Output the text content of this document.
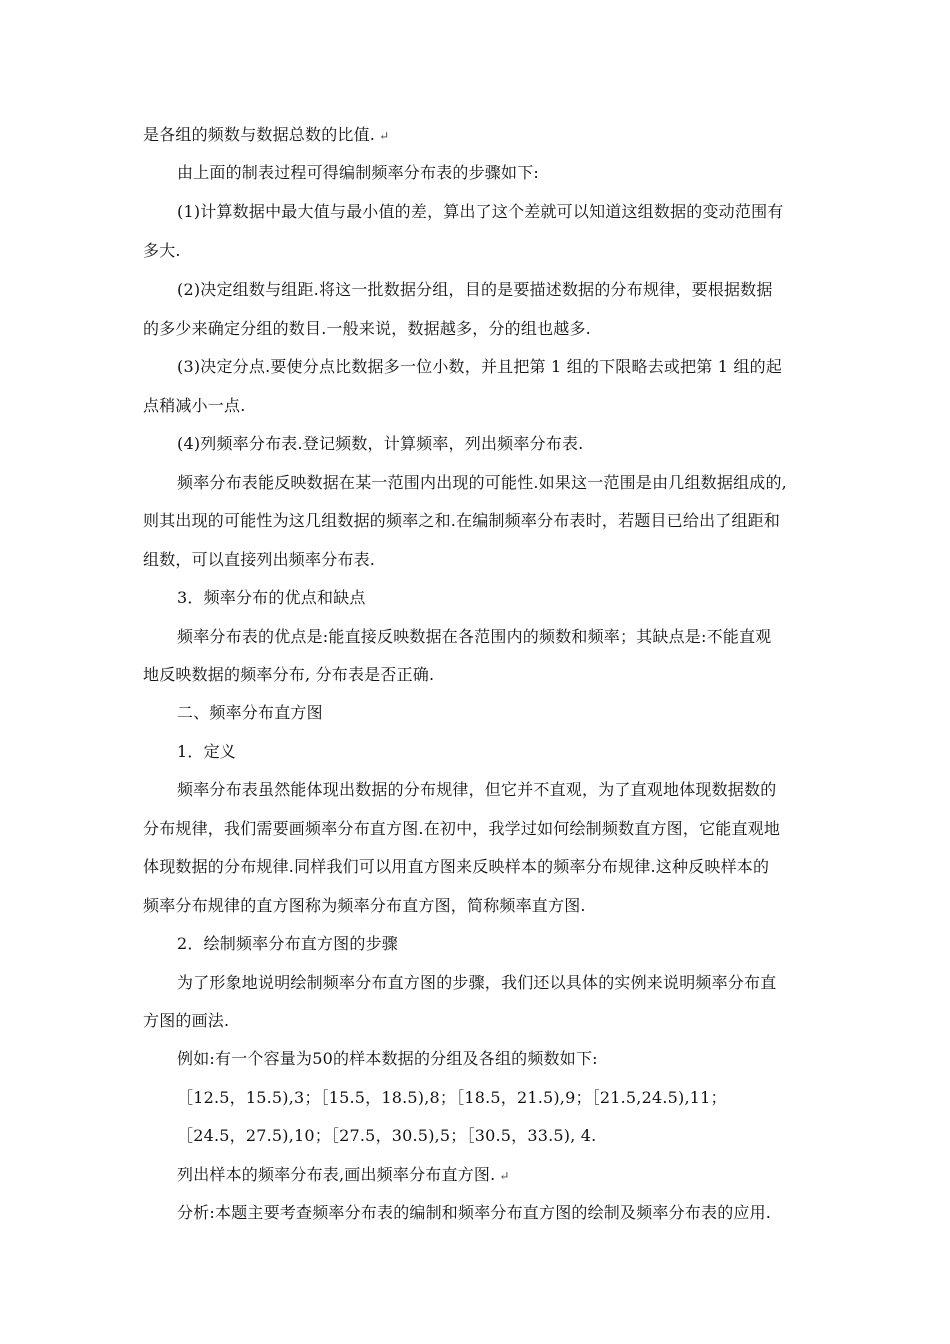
是各组的频数与数据总数的比值. ↵
由上面的制表过程可得编制频率分布表的步骤如下:
(1)计算数据中最大值与最小值的差，算出了这个差就可以知道这组数据的变动范围有
多大.
(2)决定组数与组距.将这一批数据分组，目的是要描述数据的分布规律，要根据数据
的多少来确定分组的数目.一般来说，数据越多，分的组也越多.
(3)决定分点.要使分点比数据多一位小数，并且把第 1 组的下限略去或把第 1 组的起
点稍减小一点.
(4)列频率分布表.登记频数，计算频率，列出频率分布表.
频率分布表能反映数据在某一范围内出现的可能性.如果这一范围是由几组数据组成的,
则其出现的可能性为这几组数据的频率之和.在编制频率分布表时，若题目已给出了组距和
组数，可以直接列出频率分布表.
3．频率分布的优点和缺点
频率分布表的优点是:能直接反映数据在各范围内的频数和频率；其缺点是:不能直观
地反映数据的频率分布, 分布表是否正确.
二、频率分布直方图
1．定义
频率分布表虽然能体现出数据的分布规律，但它并不直观，为了直观地体现数据数的
分布规律，我们需要画频率分布直方图.在初中，我学过如何绘制频数直方图，它能直观地
体现数据的分布规律.同样我们可以用直方图来反映样本的频率分布规律.这种反映样本的
频率分布规律的直方图称为频率分布直方图，简称频率直方图.
2．绘制频率分布直方图的步骤
为了形象地说明绘制频率分布直方图的步骤，我们还以具体的实例来说明频率分布直
方图的画法.
例如:有一个容量为50的样本数据的分组及各组的频数如下:
［12.5，15.5),3；［15.5，18.5),8；［18.5，21.5),9；［21.5,24.5),11；
［24.5，27.5),10；［27.5，30.5),5；［30.5，33.5), 4.
列出样本的频率分布表,画出频率分布直方图. ↵
分析:本题主要考查频率分布表的编制和频率分布直方图的绘制及频率分布表的应用.
